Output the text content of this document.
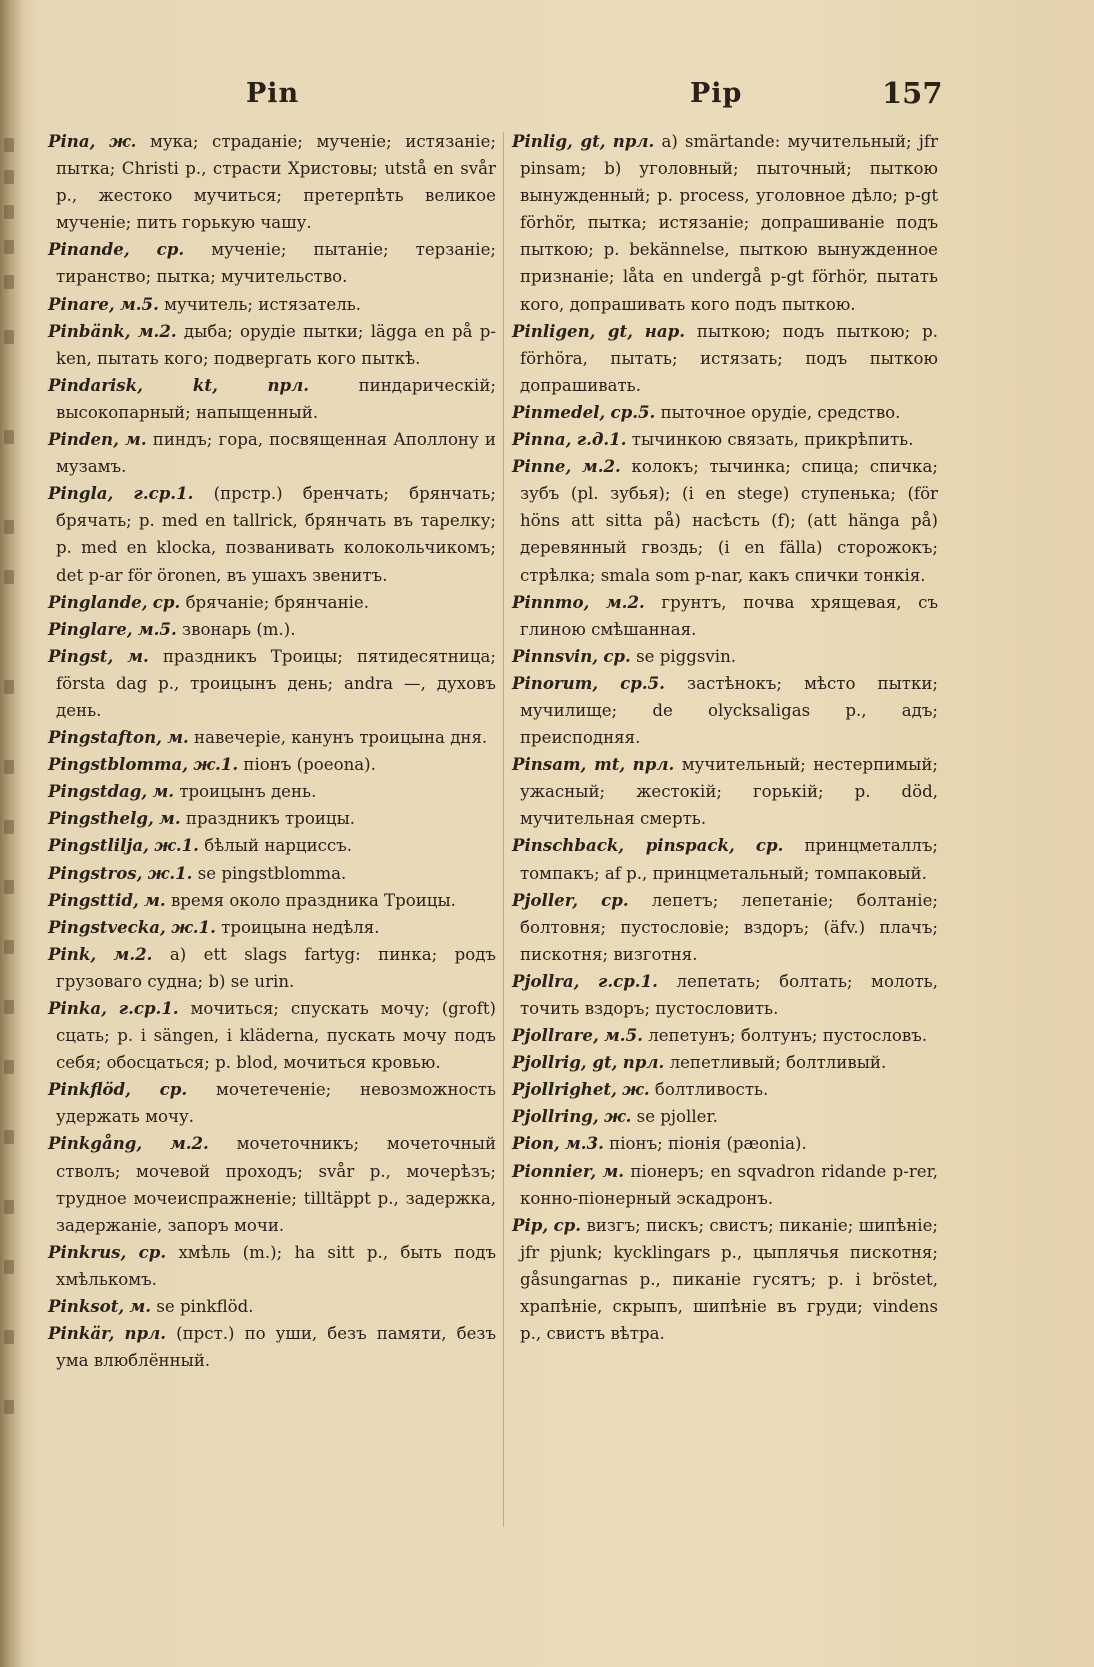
Pin	Pip	157

Pina, ж. мука; страданіе; мученіе; истязаніе; пытка; Christi p., страсти Христовы; utstå en svår p., жестоко мучиться; претерпѣть великое мученіе; пить горькую чашу.

Pinande, ср. мученіе; пытаніе; терзаніе; тиранство; пытка; мучительство.

Pinare, м.5. мучитель; истязатель.

Pinbänk, м.2. дыба; орудіе пытки; lägga en på p-ken, пытать кого; подвергать кого пыткѣ.

Pindarisk, kt,	прл.	пиндарическій; высокопарный; напыщенный.

Pinden, м. пиндъ; гора, посвященная Аполлону и музамъ.

Pingla, г.ср.1. (прстр.) бренчать; брянчать; брячать; p. med en tallrick, брянчать въ тарелку; p. med en klocka, позванивать колокольчикомъ; det p-ar för öronen, въ ушахъ звенитъ.

Pinglande, ср. брячаніе; брянчаніе.

Pinglare, м.5. звонарь (m.).

Pingst, м. праздникъ Троицы; пятидесятница; första dag p., троицынъ день; andra —, духовъ день.

Pingstafton, м. навечеріе, канунъ троицына дня.

Pingstblomma, ж.1. піонъ (poeona).

Pingstdag, м. троицынъ день.

Pingsthelg, м. праздникъ троицы.

Pingstlilja, ж.1. бѣлый нарциссъ.

Pingstros, ж.1. se pingstblomma.

Pingsttid, м. время около праздника Троицы.

Pingstvecka, ж.1. троицына недѣля.

Pink, м.2. a) ett slags fartyg: пинка; родъ грузоваго судна; b) se urin.

Pinka, г.ср.1. мочиться; спускать мочу; (groft) сцать; p. i sängen, i kläderna, пускать мочу подъ себя; обосцаться; p. blod, мочиться кровью.

Pinkflöd, ср. мочетеченіе; невозможность удержать мочу.

Pinkgång, м.2. мочеточникъ; мочеточный стволъ; мочевой проходъ; svår p., мочерѣзъ; трудное мочеиспражненіе; tilltäppt p., задержка, задержаніе, запоръ мочи.

Pinkrus, ср. хмѣль (m.); ha sitt p., быть подъ хмѣлькомъ.

Pinksot, м. se pinkflöd.

Pinkär, прл. (прст.) по уши, безъ памяти, безъ ума влюблённый.

Pinlig, gt, прл. a) smärtande: мучительный; jfr pinsam; b) уголовный; пыточный; пыткою вынужденный; p. process, уголовное дѣло; p-gt förhör, пытка; истязаніе; допрашиваніе подъ пыткою; p. bekännelse, пыткою вынужденное признаніе; låta en undergå p-gt förhör, пытать кого, допрашивать кого подъ пыткою.

Pinligen, gt, нар. пыткою; подъ пыткою; p. förhöra, пытать; истязать; подъ пыткою допрашивать.

Pinmedel, ср.5. пыточное орудіе, средство.

Pinna, г.д.1. тычинкою связать, прикрѣпить.

Pinne, м.2. колокъ; тычинка; спица; спичка; зубъ (pl. зубья); (i en stege) ступенька; (för höns att sitta på) насѣсть (f); (att hänga på) деревянный гвоздь; (i en fälla) сторожокъ; стрѣлка; smala som p-nar, какъ спички тонкія.

Pinnmo, м.2. грунтъ, почва хрящевая, съ глиною смѣшанная.

Pinnsvin, ср. se piggsvin.

Pinorum, ср.5. застѣнокъ; мѣсто пытки; мучилище; de olycksaligas p., адъ; преисподняя.

Pinsam, mt, прл. мучительный; нестерпимый; ужасный; жестокій; горькій; p. död, мучительная смерть.

Pinschback, pinspack, ср. принцметаллъ; томпакъ; af p., принцметальный; томпаковый.

Pjoller, ср. лепетъ; лепетаніе; болтаніе; болтовня; пустословіе; вздоръ; (äfv.) плачъ; пискотня; визготня.

Pjollra, г.ср.1. лепетать; болтать; молоть, точить вздоръ; пустословить.

Pjollrare, м.5. лепетунъ; болтунъ; пустословъ.

Pjollrig, gt, прл. лепетливый; болтливый.

Pjollrighet, ж. болтливость.

Pjollring, ж. se pjoller.

Pion, м.3. піонъ; піонія (pæonia).

Pionnier, м. піонеръ; en sqvadron ridande p-rer, конно-піонерный эскадронъ.

Pip, ср. визгъ; пискъ; свистъ; пиканіе; шипѣніе; jfr pjunk; kycklingars p., цыплячья пискотня; gåsungarnas p., пиканіе гусятъ; p. i bröstet, храпѣніе, скрыпъ, шипѣніе въ груди; vindens p., свистъ вѣтра.
